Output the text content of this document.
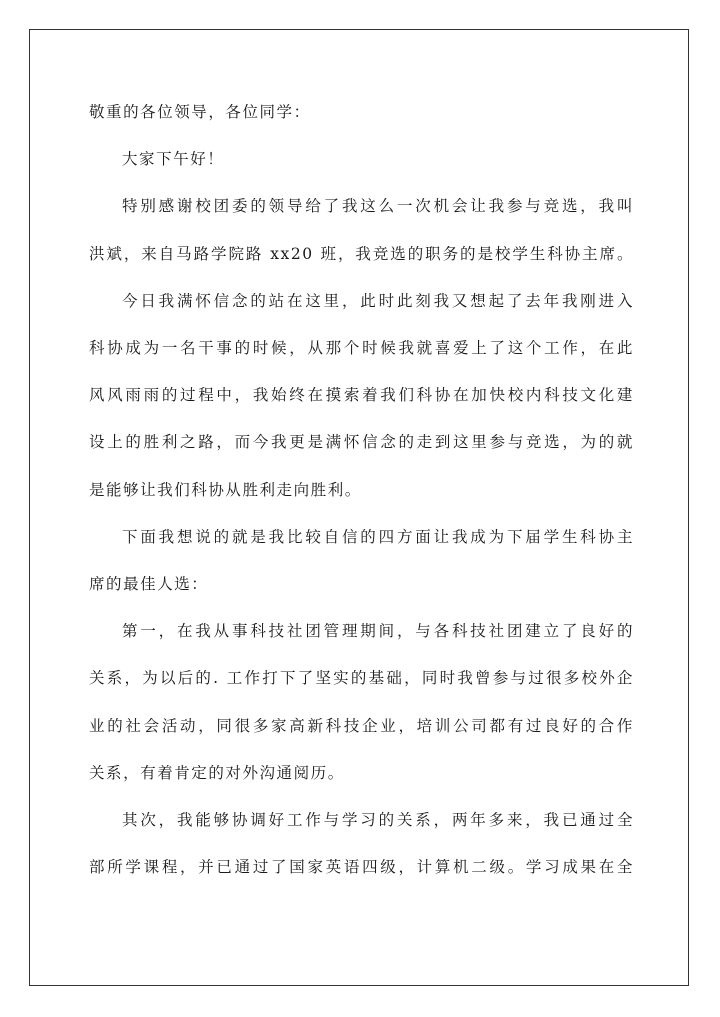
敬重的各位领导，各位同学：
大家下午好！
特别感谢校团委的领导给了我这么一次机会让我参与竞选，我叫
洪斌，来自马路学院路 xx20 班，我竞选的职务的是校学生科协主席。
今日我满怀信念的站在这里，此时此刻我又想起了去年我刚进入
科协成为一名干事的时候，从那个时候我就喜爱上了这个工作，在此
风风雨雨的过程中，我始终在摸索着我们科协在加快校内科技文化建
设上的胜利之路，而今我更是满怀信念的走到这里参与竞选，为的就
是能够让我们科协从胜利走向胜利。
下面我想说的就是我比较自信的四方面让我成为下届学生科协主
席的最佳人选：
第一，在我从事科技社团管理期间，与各科技社团建立了良好的
关系，为以后的. 工作打下了坚实的基础，同时我曾参与过很多校外企
业的社会活动，同很多家高新科技企业，培训公司都有过良好的合作
关系，有着肯定的对外沟通阅历。
其次，我能够协调好工作与学习的关系，两年多来，我已通过全
部所学课程，并已通过了国家英语四级，计算机二级。学习成果在全
